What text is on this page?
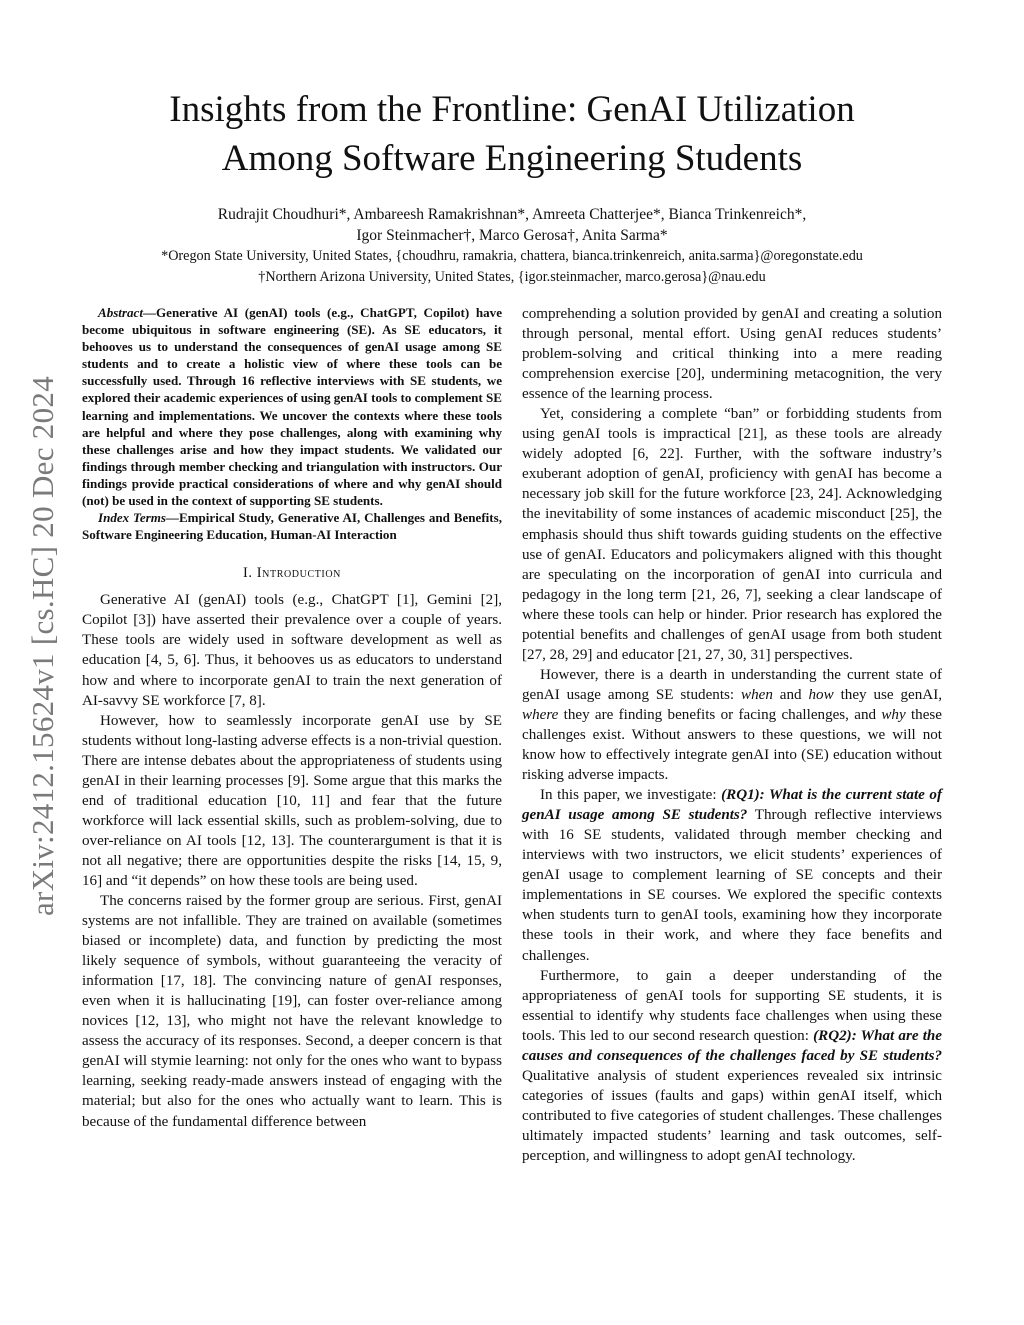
arXiv:2412.15624v1 [cs.HC] 20 Dec 2024
Insights from the Frontline: GenAI Utilization
Among Software Engineering Students
Rudrajit Choudhuri*, Ambareesh Ramakrishnan*, Amreeta Chatterjee*, Bianca Trinkenreich*,
Igor Steinmacher†, Marco Gerosa†, Anita Sarma*
*Oregon State University, United States, {choudhru, ramakria, chattera, bianca.trinkenreich, anita.sarma}@oregonstate.edu
†Northern Arizona University, United States, {igor.steinmacher, marco.gerosa}@nau.edu

Abstract—Generative AI (genAI) tools (e.g., ChatGPT, Copilot) have become ubiquitous in software engineering (SE). As SE educators, it behooves us to understand the consequences of genAI usage among SE students and to create a holistic view of where these tools can be successfully used. Through 16 reflective interviews with SE students, we explored their academic experiences of using genAI tools to complement SE learning and implementations. We uncover the contexts where these tools are helpful and where they pose challenges, along with examining why these challenges arise and how they impact students. We validated our findings through member checking and triangulation with instructors. Our findings provide practical considerations of where and why genAI should (not) be used in the context of supporting SE students.

Index Terms—Empirical Study, Generative AI, Challenges and Benefits, Software Engineering Education, Human-AI Interaction

I. Introduction

Generative AI (genAI) tools (e.g., ChatGPT [1], Gemini [2], Copilot [3]) have asserted their prevalence over a couple of years. These tools are widely used in software development as well as education [4, 5, 6]. Thus, it behooves us as educators to understand how and where to incorporate genAI to train the next generation of AI-savvy SE workforce [7, 8].

However, how to seamlessly incorporate genAI use by SE students without long-lasting adverse effects is a non-trivial question. There are intense debates about the appropriateness of students using genAI in their learning processes [9]. Some argue that this marks the end of traditional education [10, 11] and fear that the future workforce will lack essential skills, such as problem-solving, due to over-reliance on AI tools [12, 13]. The counterargument is that it is not all negative; there are opportunities despite the risks [14, 15, 9, 16] and “it depends” on how these tools are being used.

The concerns raised by the former group are serious. First, genAI systems are not infallible. They are trained on available (sometimes biased or incomplete) data, and function by predicting the most likely sequence of symbols, without guaranteeing the veracity of information [17, 18]. The convincing nature of genAI responses, even when it is hallucinating [19], can foster over-reliance among novices [12, 13], who might not have the relevant knowledge to assess the accuracy of its responses. Second, a deeper concern is that genAI will stymie learning: not only for the ones who want to bypass learning, seeking ready-made answers instead of engaging with the material; but also for the ones who actually want to learn. This is because of the fundamental difference between

comprehending a solution provided by genAI and creating a solution through personal, mental effort. Using genAI reduces students’ problem-solving and critical thinking into a mere reading comprehension exercise [20], undermining metacognition, the very essence of the learning process.

Yet, considering a complete “ban” or forbidding students from using genAI tools is impractical [21], as these tools are already widely adopted [6, 22]. Further, with the software industry’s exuberant adoption of genAI, proficiency with genAI has become a necessary job skill for the future workforce [23, 24]. Acknowledging the inevitability of some instances of academic misconduct [25], the emphasis should thus shift towards guiding students on the effective use of genAI. Educators and policymakers aligned with this thought are speculating on the incorporation of genAI into curricula and pedagogy in the long term [21, 26, 7], seeking a clear landscape of where these tools can help or hinder. Prior research has explored the potential benefits and challenges of genAI usage from both student [27, 28, 29] and educator [21, 27, 30, 31] perspectives.

However, there is a dearth in understanding the current state of genAI usage among SE students: when and how they use genAI, where they are finding benefits or facing challenges, and why these challenges exist. Without answers to these questions, we will not know how to effectively integrate genAI into (SE) education without risking adverse impacts.

In this paper, we investigate: (RQ1): What is the current state of genAI usage among SE students? Through reflective interviews with 16 SE students, validated through member checking and interviews with two instructors, we elicit students’ experiences of genAI usage to complement learning of SE concepts and their implementations in SE courses. We explored the specific contexts when students turn to genAI tools, examining how they incorporate these tools in their work, and where they face benefits and challenges.

Furthermore, to gain a deeper understanding of the appropriateness of genAI tools for supporting SE students, it is essential to identify why students face challenges when using these tools. This led to our second research question: (RQ2): What are the causes and consequences of the challenges faced by SE students? Qualitative analysis of student experiences revealed six intrinsic categories of issues (faults and gaps) within genAI itself, which contributed to five categories of student challenges. These challenges ultimately impacted students’ learning and task outcomes, self-perception, and willingness to adopt genAI technology.
